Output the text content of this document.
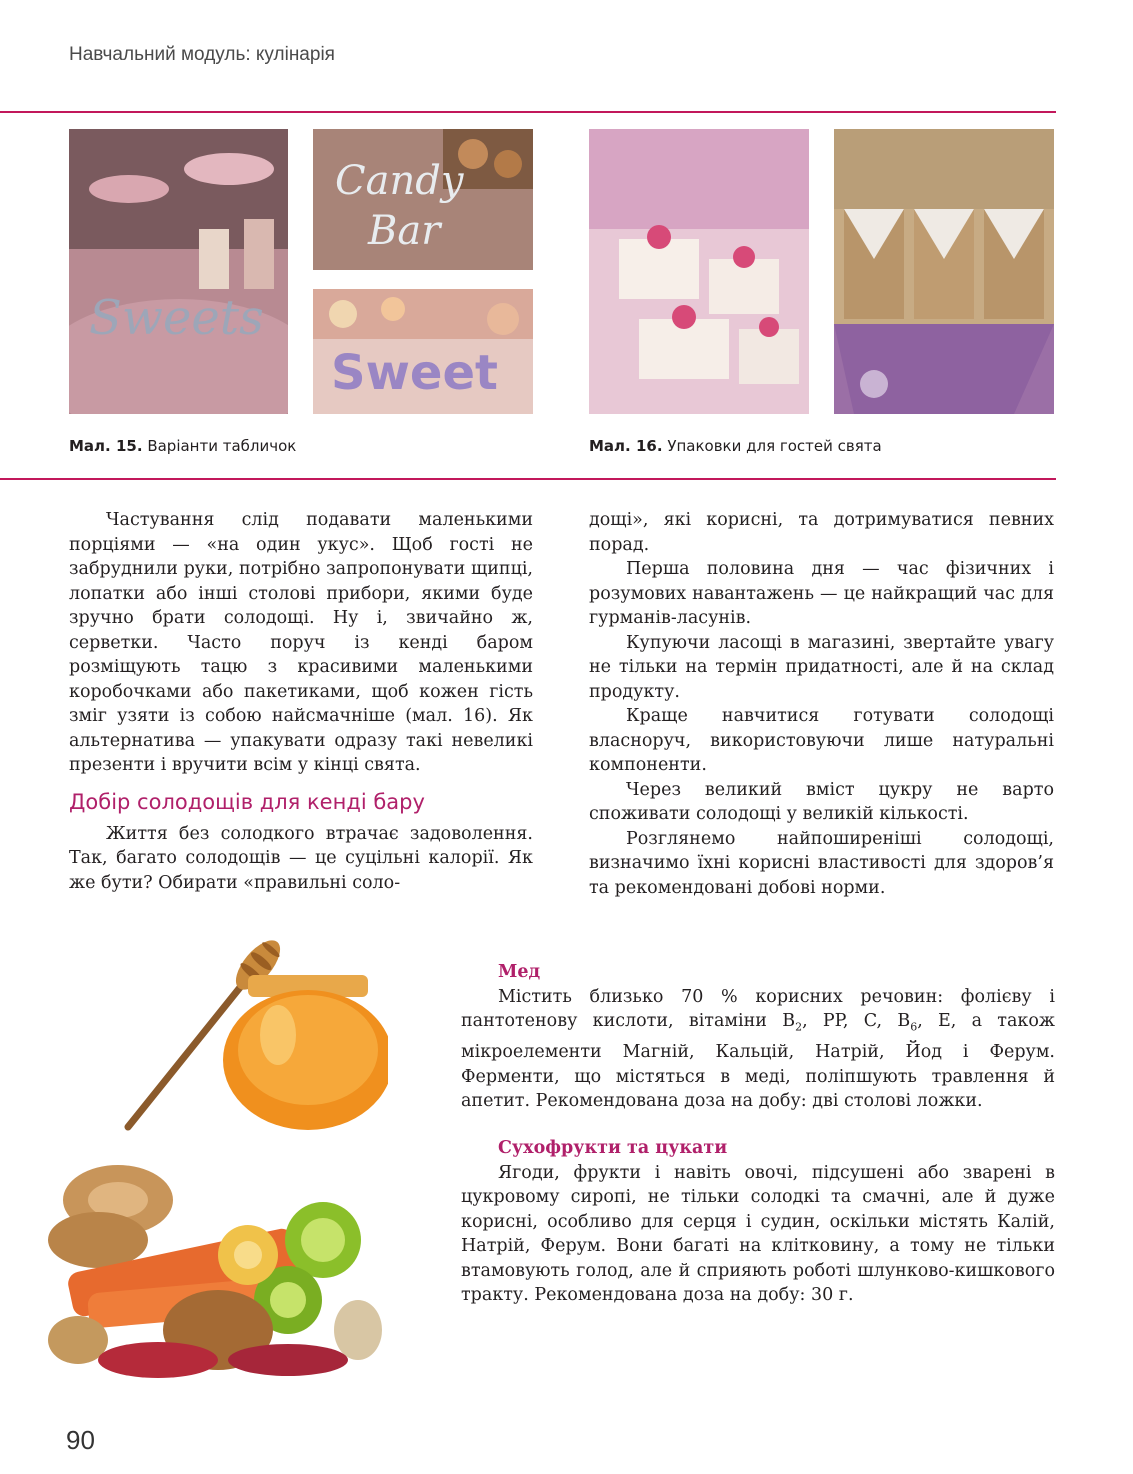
Навчальний модуль: кулінарія
Sweets
Candy
Bar
Sweet
Мал. 15. Варіанти табличок	Мал. 16. Упаковки для гостей свята

Частування слід подавати маленькими порціями — «на один укус». Щоб гості не забруднили руки, потрібно запропонувати щипці, лопатки або інші столові прибори, якими буде зручно брати солодощі. Ну і, звичайно ж, серветки. Часто поруч із кенді баром розміщують тацю з красивими маленькими коробочками або пакетиками, щоб кожен гість зміг узяти із собою найсмачніше (мал. 16). Як альтернатива — упакувати одразу такі невеликі презенти і вручити всім у кінці свята.

Добір солодощів для кенді бару

Життя без солодкого втрачає задоволення. Так, багато солодощів — це суцільні калорії. Як же бути? Обирати «правильні соло-

дощі», які корисні, та дотримуватися певних порад.

Перша половина дня — час фізичних і розумових навантажень — це найкращий час для гурманів-ласунів.

Купуючи ласощі в магазині, звертайте увагу не тільки на термін придатності, але й на склад продукту.

Краще навчитися готувати солодощі власноруч, використовуючи лише натуральні компоненти.

Через великий вміст цукру не варто споживати солодощі у великій кількості.

Розглянемо найпоширеніші солодощі, визначимо їхні корисні властивості для здоров’я та рекомендовані добові норми.

Мед

Містить близько 70 % корисних речовин: фолієву і пантотенову кислоти, вітаміни $B_2$, PP, C, $B_6$, E, а також мікроелементи Магній, Кальцій, Натрій, Йод і Ферум. Ферменти, що містяться в меді, поліпшують травлення й апетит. Рекомендована доза на добу: дві столові ложки.

Сухофрукти та цукати

Ягоди, фрукти і навіть овочі, підсушені або зварені в цукровому сиропі, не тільки солодкі та смачні, але й дуже корисні, особливо для серця і судин, оскільки містять Калій, Натрій, Ферум. Вони багаті на клітковину, а тому не тільки втамовують голод, але й сприяють роботі шлунково-кишкового тракту. Рекомендована доза на добу: 30 г.

90
